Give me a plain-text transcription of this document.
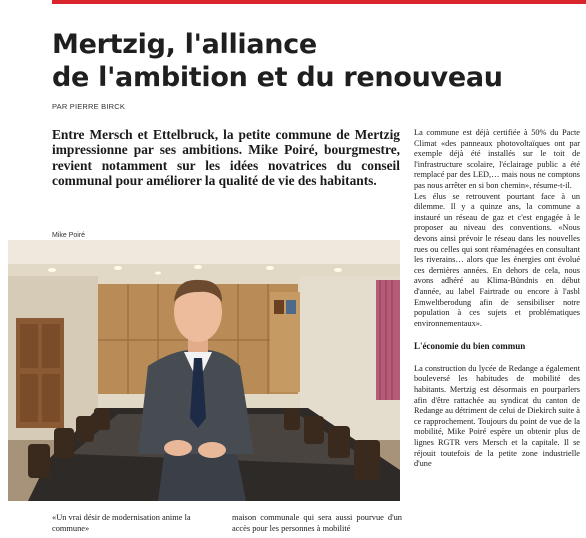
Mertzig, l'alliance
de l'ambition et du renouveau
PAR PIERRE BIRCK

Entre Mersch et Ettelbruck, la petite commune de Mertzig impressionne par ses ambitions. Mike Poiré, bourgmestre, revient notamment sur les idées novatrices du conseil communal pour améliorer la qualité de vie des habitants.

Mike Poiré
«Un vrai désir de modernisation anime la commune»
maison communale qui sera aussi pourvue d'un accès pour les personnes à mobilité

La commune est déjà certifiée à 50% du Pacte Climat «des panneaux photovoltaïques ont par exemple déjà été installés sur le toit de l'infrastructure scolaire, l'éclairage public a été remplacé par des LED,… mais nous ne comptons pas nous arrêter en si bon chemin», résume-t-il.

Les élus se retrouvent pourtant face à un dilemme. Il y a quinze ans, la commune a instauré un réseau de gaz et c'est engagée à le proposer au niveau des conventions. «Nous devons ainsi prévoir le réseau dans les nouvelles rues ou celles qui sont réaménagées en consultant les riverains… alors que les énergies ont évolué ces dernières années. En dehors de cela, nous avons adhéré au Klima-Bündnis en début d'année, au label Fairtrade ou encore à l'asbl Emweltberodung afin de sensibiliser notre population à ces sujets et problématiques environnementaux».

L'économie du bien commun

La construction du lycée de Redange a également bouleversé les habitudes de mobilité des habitants. Mertzig est désormais en pourparlers afin d'être rattachée au syndicat du canton de Redange au détriment de celui de Diekirch suite à ce rapprochement. Toujours du point de vue de la mobilité, Mike Poiré espère un obtenir plus de lignes RGTR vers Mersch et la capitale. Il se réjouit toutefois de la petite zone industrielle d'une
